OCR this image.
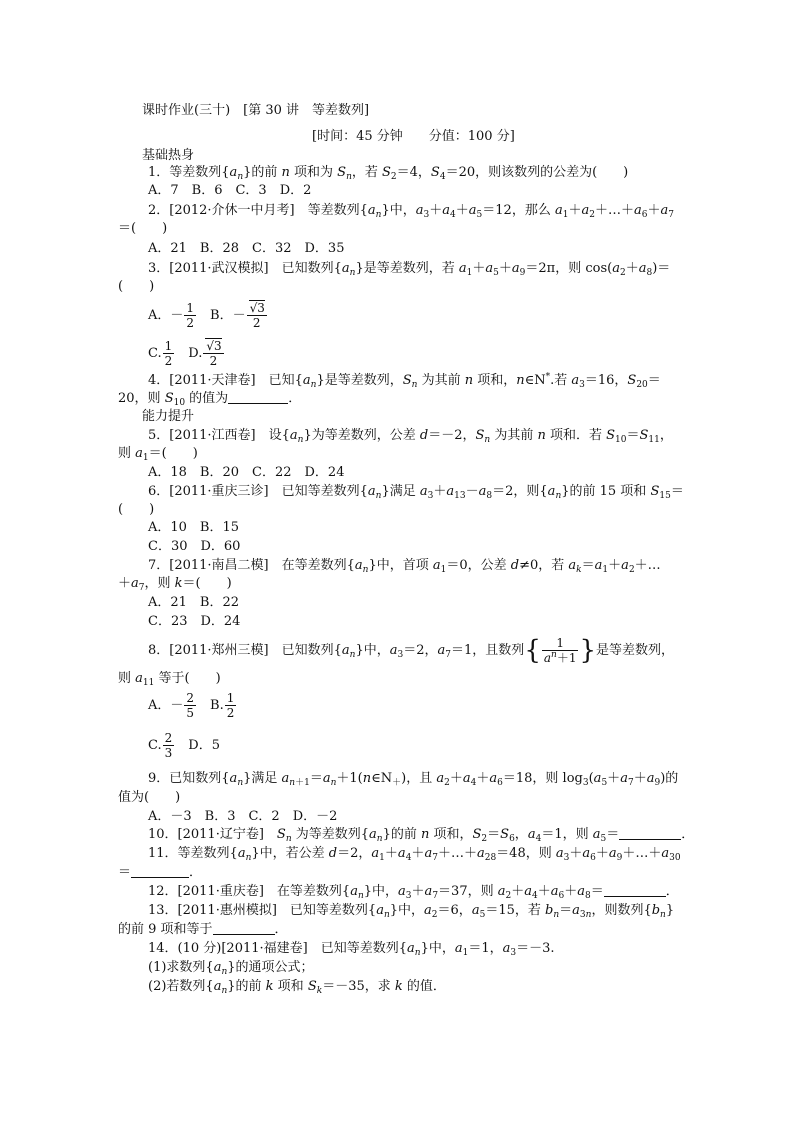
课时作业(三十)　[第 30 讲　等差数列]
[时间：45 分钟　　分值：100 分]
基础热身
1．等差数列$\{a_n\}$的前 n 项和为 $S_n$，若 $S_2=4$，$S_4=20$，则该数列的公差为(　　)
A．7　B．6　C．3　D．2
2．[2012·介休一中月考]　等差数列$\{a_n\}$中，$a_3+a_4+a_5=12$，那么 $a_1+a_2+\dots+a_6+a_7$
＝(　　)
A．21　B．28　C．32　D．35
3．[2011·武汉模拟]　已知数列$\{a_n\}$是等差数列，若 $a_1+a_5+a_9=2\pi$，则 $\cos(a_2+a_8)=$
(　　)
A．－ $\frac{1}{2}$ 　B．－ $\frac{√3}{2}$
C. $\frac{1}{2}$ 　D. $\frac{√3}{2}$
4．[2011·天津卷]　已知$\{a_n\}$是等差数列，$S_n$ 为其前 n 项和，n∈N*.若 $a_3=16$，$S_{20}=$
20，则 $S_{10}$ 的值为	．
能力提升
5．[2011·江西卷]　设$\{a_n\}$为等差数列，公差 d＝－2，$S_n$ 为其前 n 项和．若 $S_{10}=S_{11}$，
则 $a_1=$(　　)
A．18　B．20　C．22　D．24
6．[2011·重庆三诊]　已知等差数列$\{a_n\}$满足 $a_3+a_{13}-a_8=2$，则$\{a_n\}$的前 15 项和 $S_{15}=$
(　　)
A．10　B．15
C．30　D．60
7．[2011·南昌二模]　在等差数列$\{a_n\}$中，首项 $a_1=0$，公差 d≠0，若 $a_k=a_1+a_2+\dots$
$+a_7$，则 k＝(　　)
A．21　B．22
C．23　D．24
8．[2011·郑州三模]　已知数列$\{a_n\}$中，$a_3=2$，$a_7=1$，且数列{ $\frac{1}{a^n+1}$ }是等差数列，
则 $a_{11}$ 等于(　　)
A．－ $\frac{2}{5}$ 　B. $\frac{1}{2}$
C. $\frac{2}{3}$ 　D．5
9．已知数列$\{a_n\}$满足 $a_{n+1}=a_n+1(n\in N_+)$，且 $a_2+a_4+a_6=18$，则 $\log_3(a_5+a_7+a_9)$的
值为(　　)
A．－3　B．3　C．2　D．－2
10．[2011·辽宁卷]　$S_n$ 为等差数列$\{a_n\}$的前 n 项和，$S_2=S_6$，$a_4=1$，则 $a_5=$	．
11．等差数列$\{a_n\}$中，若公差 d＝2，$a_1+a_4+a_7+\dots+a_{28}=48$，则 $a_3+a_6+a_9+\dots+a_{30}$
＝	．
12．[2011·重庆卷]　在等差数列$\{a_n\}$中，$a_3+a_7=37$，则 $a_2+a_4+a_6+a_8=$	．
13．[2011·惠州模拟]　已知等差数列$\{a_n\}$中，$a_2=6$，$a_5=15$，若 $b_n=a_{3n}$，则数列$\{b_n\}$
的前 9 项和等于	．
14．(10 分)[2011·福建卷]　已知等差数列$\{a_n\}$中，$a_1=1$，$a_3=-3$.
(1)求数列$\{a_n\}$的通项公式；
(2)若数列$\{a_n\}$的前 k 项和 $S_k=-35$，求 k 的值．
